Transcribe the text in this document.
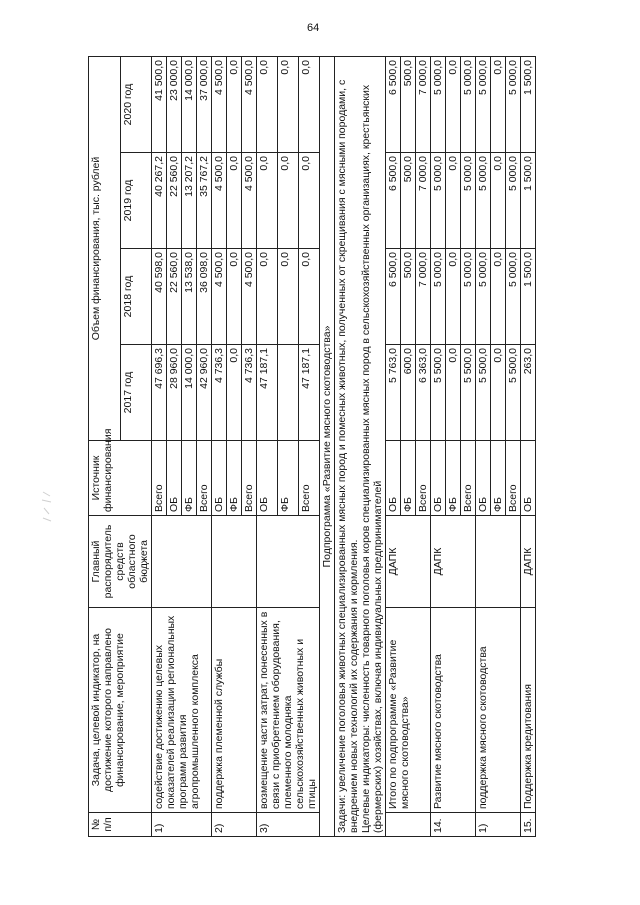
64
№ п/п	Задача, целевой индикатор, на достижение которого направлено финансирование, мероприятие	Главный распорядитель средств областного бюджета	Источник финансирования	Объем финансирования, тыс. рублей			
				2017 год	2018 год	2019 год	2020 год
1)	содействие достижению целевых показателей реализации региональных программ развития агропромышленного комплекса		Всего	47 696,3	40 598,0	40 267,2	41 500,0
			ОБ	28 960,0	22 560,0	22 560,0	23 000,0
			ФБ	14 000,0	13 538,0	13 207,2	14 000,0
			Всего	42 960,0	36 098,0	35 767,2	37 000,0
2)	поддержка племенной службы		ОБ	4 736,3	4 500,0	4 500,0	4 500,0
			ФБ	0,0	0,0	0,0	0,0
			Всего	4 736,3	4 500,0	4 500,0	4 500,0
3)	возмещение части затрат, понесенных в связи с приобретением оборудования, племенного молодняка сельскохозяйственных животных и птицы		ОБ	47 187,1	0,0	0,0	0,0
			ФБ		0,0	0,0	0,0
			Всего	47 187,1	0,0	0,0	0,0
Подпрограмма «Развитие мясного скотоводства»							

Задачи: увеличение поголовья животных специализированных мясных пород и помесных животных, полученных от скрещивания с мясными породами, с внедрением новых технологий их содержания и кормления. Целевые индикаторы: численность товарного поголовья коров специализированных мясных пород в сельскохозяйственных организациях, крестьянских (фермерских) хозяйствах, включая индивидуальных предпринимателей							

	Итого по подпрограмме «Развитие мясного скотоводства»	ДАПК	ОБ	5 763,0	6 500,0	6 500,0	6 500,0
			ФБ	600,0	500,0	500,0	500,0
			Всего	6 363,0	7 000,0	7 000,0	7 000,0
14.	Развитие мясного скотоводства	ДАПК	ОБ	5 500,0	5 000,0	5 000,0	5 000,0
			ФБ	0,0	0,0	0,0	0,0
			Всего	5 500,0	5 000,0	5 000,0	5 000,0
1)	поддержка мясного скотоводства		ОБ	5 500,0	5 000,0	5 000,0	5 000,0
			ФБ	0,0	0,0	0,0	0,0
			Всего	5 500,0	5 000,0	5 000,0	5 000,0
15.	Поддержка кредитования	ДАПК	ОБ	263,0	1 500,0	1 500,0	1 500,0
